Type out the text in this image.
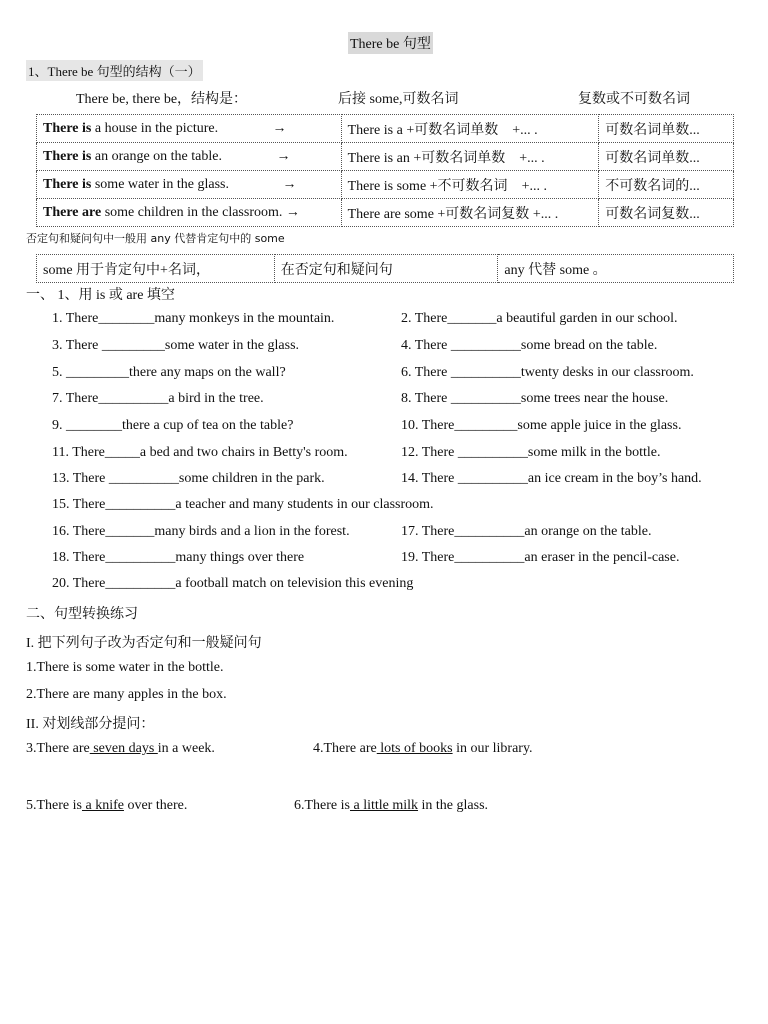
There be 句型
1、There be 句型的结构（一）
There be, there be，结构是：	后接 some,可数名词	复数或不可数名词
There is a house in the picture. →	There is a +可数名词单数 +... .	可数名词单数...
There is an orange on the table. →	There is an +可数名词单数 +... .	可数名词单数...
There is some water in the glass. →	There is some +不可数名词 +... .	不可数名词的...
There are some children in the classroom. →	There are some +可数名词复数 +... .	可数名词复数...
否定句和疑问句中一般用 any 代替肯定句中的 some
some 用于肯定句中+名词，	在否定句和疑问句	any 代替 some 。
一、 1、用 is 或 are 填空
1. There________many monkeys in the mountain.	2. There_______a beautiful garden in our school.
3. There _________some water in the glass.	4. There __________some bread on the table.
5. _________there any maps on the wall?	6. There __________twenty desks in our classroom.
7. There__________a bird in the tree.	8. There __________some trees near the house.
9. ________there a cup of tea on the table?	10. There_________some apple juice in the glass.
11. There_____a bed and two chairs in Betty's room.	12. There __________some milk in the bottle.
13. There __________some children in the park.	14. There __________an ice cream in the boy’s hand.
15. There__________a teacher and many students in our classroom.
16. There_______many birds and a lion in the forest.	17. There__________an orange on the table.
18. There__________many things over there	19. There__________an eraser in the pencil-case.
20. There__________a football match on television this evening
二、句型转换练习
I. 把下列句子改为否定句和一般疑问句
1.There is some water in the bottle.
2.There are many apples in the box.
II. 对划线部分提问：
3.There are seven days in a week.	4.There are lots of books in our library.
5.There is a knife over there.	6.There is a little milk in the glass.
